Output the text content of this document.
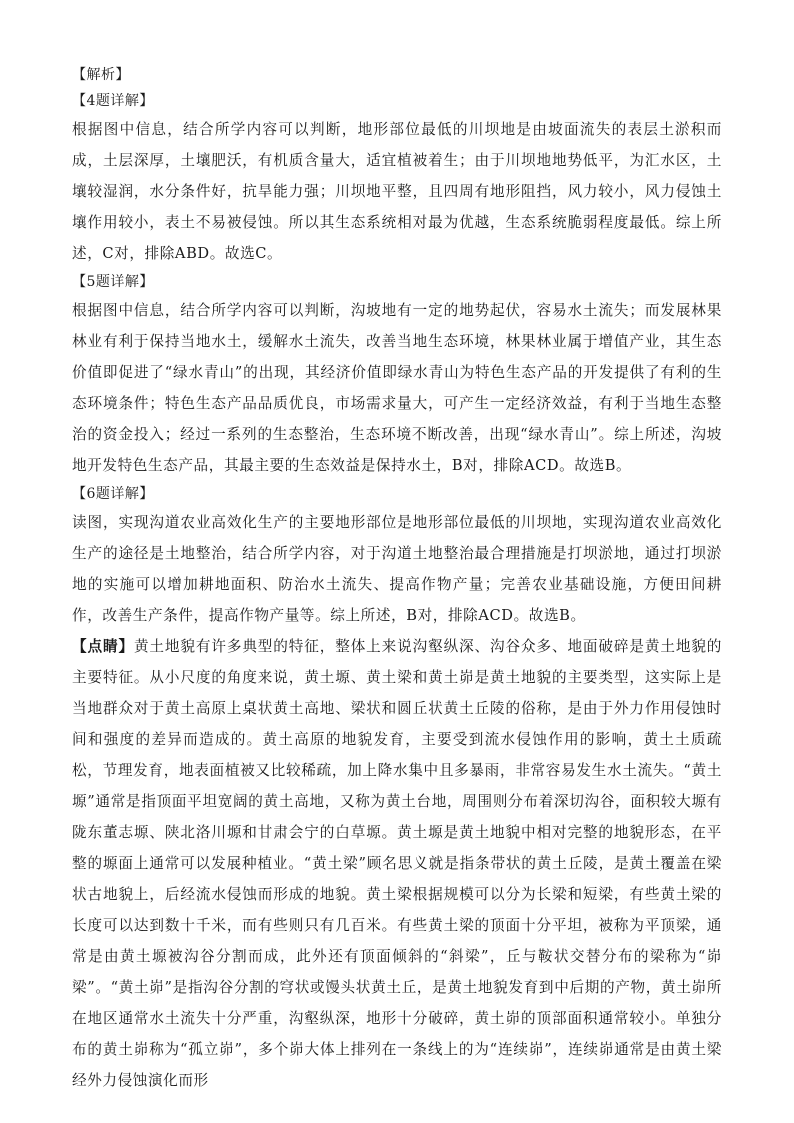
【解析】
【4题详解】

根据图中信息，结合所学内容可以判断，地形部位最低的川坝地是由坡面流失的表层土淤积而成，土层深厚，土壤肥沃，有机质含量大，适宜植被着生；由于川坝地地势低平，为汇水区，土壤较湿润，水分条件好，抗旱能力强；川坝地平整，且四周有地形阻挡，风力较小，风力侵蚀土壤作用较小，表土不易被侵蚀。所以其生态系统相对最为优越，生态系统脆弱程度最低。综上所述，C对，排除ABD。故选C。

【5题详解】

根据图中信息，结合所学内容可以判断，沟坡地有一定的地势起伏，容易水土流失；而发展林果林业有利于保持当地水土，缓解水土流失，改善当地生态环境，林果林业属于增值产业，其生态价值即促进了“绿水青山”的出现，其经济价值即绿水青山为特色生态产品的开发提供了有利的生态环境条件；特色生态产品品质优良，市场需求量大，可产生一定经济效益，有利于当地生态整治的资金投入；经过一系列的生态整治，生态环境不断改善，出现“绿水青山”。综上所述，沟坡地开发特色生态产品，其最主要的生态效益是保持水土，B对，排除ACD。故选B。

【6题详解】

读图，实现沟道农业高效化生产的主要地形部位是地形部位最低的川坝地，实现沟道农业高效化生产的途径是土地整治，结合所学内容，对于沟道土地整治最合理措施是打坝淤地，通过打坝淤地的实施可以增加耕地面积、防治水土流失、提高作物产量；完善农业基础设施，方便田间耕作，改善生产条件，提高作物产量等。综上所述，B对，排除ACD。故选B。

【点睛】黄土地貌有许多典型的特征，整体上来说沟壑纵深、沟谷众多、地面破碎是黄土地貌的主要特征。从小尺度的角度来说，黄土塬、黄土梁和黄土峁是黄土地貌的主要类型，这实际上是当地群众对于黄土高原上桌状黄土高地、梁状和圆丘状黄土丘陵的俗称，是由于外力作用侵蚀时间和强度的差异而造成的。黄土高原的地貌发育，主要受到流水侵蚀作用的影响，黄土土质疏松，节理发育，地表面植被又比较稀疏，加上降水集中且多暴雨，非常容易发生水土流失。“黄土塬”通常是指顶面平坦宽阔的黄土高地，又称为黄土台地，周围则分布着深切沟谷，面积较大塬有陇东董志塬、陕北洛川塬和甘肃会宁的白草塬。黄土塬是黄土地貌中相对完整的地貌形态，在平整的塬面上通常可以发展种植业。“黄土梁”顾名思义就是指条带状的黄土丘陵，是黄土覆盖在梁状古地貌上，后经流水侵蚀而形成的地貌。黄土梁根据规模可以分为长梁和短梁，有些黄土梁的长度可以达到数十千米，而有些则只有几百米。有些黄土梁的顶面十分平坦，被称为平顶梁，通常是由黄土塬被沟谷分割而成，此外还有顶面倾斜的“斜梁”，丘与鞍状交替分布的梁称为“峁梁”。“黄土峁”是指沟谷分割的穹状或馒头状黄土丘，是黄土地貌发育到中后期的产物，黄土峁所在地区通常水土流失十分严重，沟壑纵深，地形十分破碎，黄土峁的顶部面积通常较小。单独分布的黄土峁称为“孤立峁”，多个峁大体上排列在一条线上的为“连续峁”，连续峁通常是由黄土梁经外力侵蚀演化而形
